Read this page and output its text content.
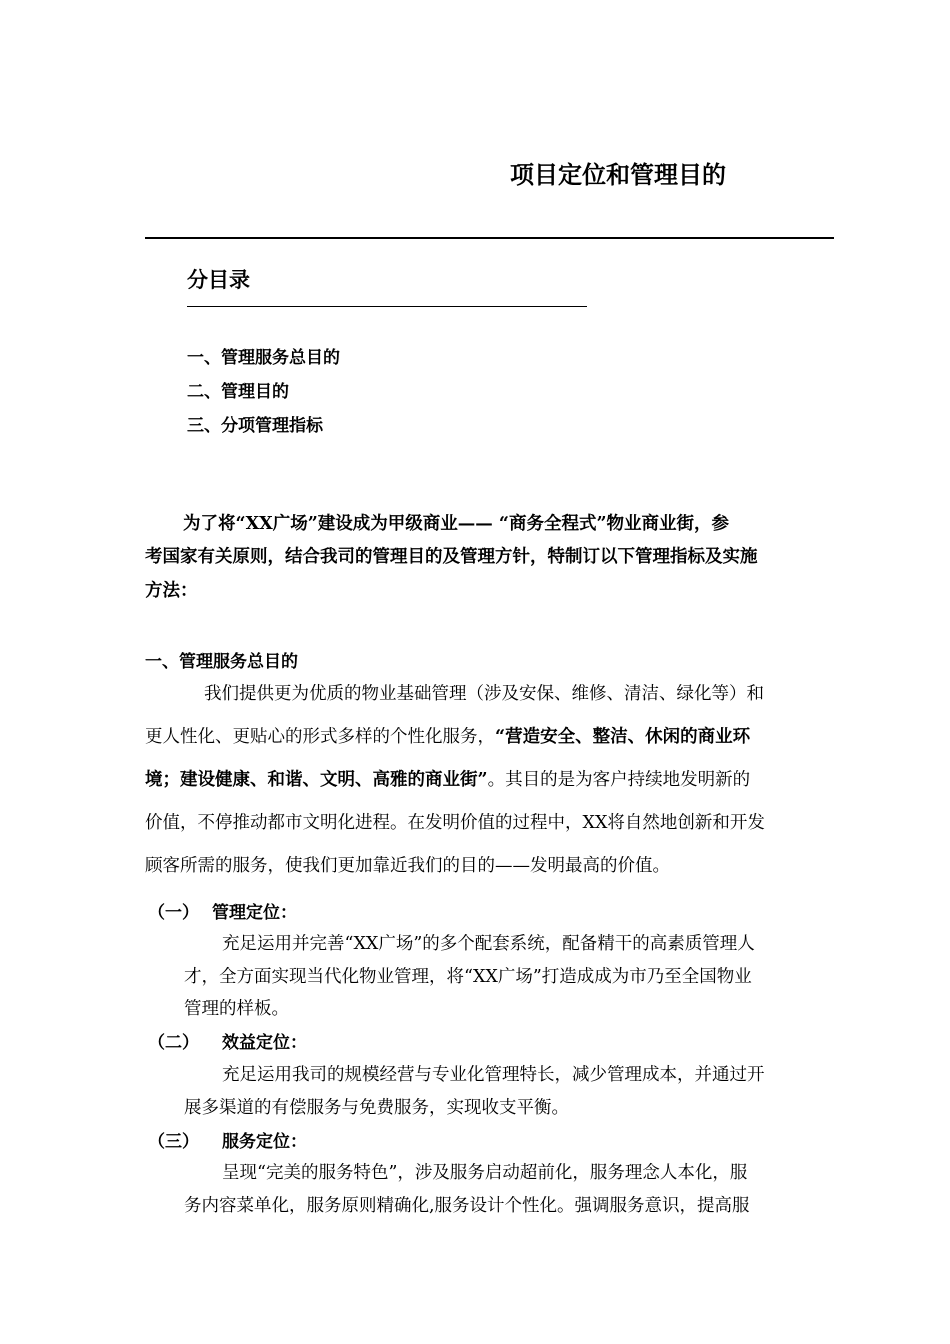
项目定位和管理目的
分目录
一、管理服务总目的
二、管理目的
三、分项管理指标
为了将“XX广场”建设成为甲级商业—— “商务全程式”物业商业街，参
考国家有关原则，结合我司的管理目的及管理方针，特制订以下管理指标及实施
方法：
一、管理服务总目的
我们提供更为优质的物业基础管理（涉及安保、维修、清洁、绿化等）和
更人性化、更贴心的形式多样的个性化服务，“营造安全、整洁、休闲的商业环
境；建设健康、和谐、文明、高雅的商业街”。其目的是为客户持续地发明新的
价值，不停推动都市文明化进程。在发明价值的过程中，XX将自然地创新和开发
顾客所需的服务，使我们更加靠近我们的目的——发明最高的价值。
（一） 管理定位：
充足运用并完善“XX广场”的多个配套系统，配备精干的高素质管理人
才，全方面实现当代化物业管理，将“XX广场”打造成成为市乃至全国物业
管理的样板。
（二） 效益定位：
充足运用我司的规模经营与专业化管理特长，减少管理成本，并通过开
展多渠道的有偿服务与免费服务，实现收支平衡。
（三） 服务定位：
呈现“完美的服务特色”，涉及服务启动超前化，服务理念人本化，服
务内容菜单化，服务原则精确化,服务设计个性化。强调服务意识，提高服
